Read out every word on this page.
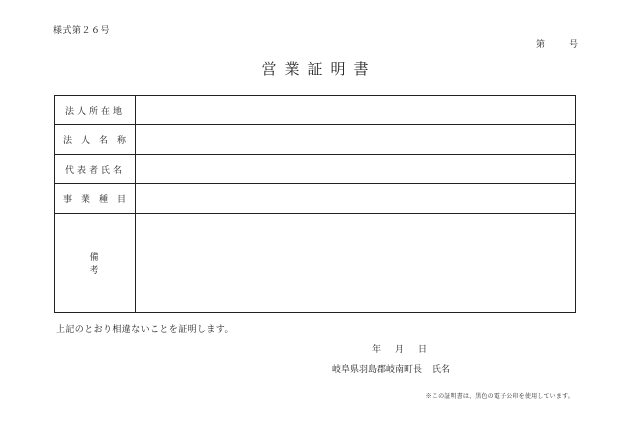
様式第２６号
第	号
営業証明書
法人所在地	
法人名称	
代表者氏名	
事業種目	
備考	
上記のとおり相違ないことを証明します。
年 月 日
岐阜県羽島郡岐南町長 氏名
※この証明書は、黒色の電子公印を使用しています。
